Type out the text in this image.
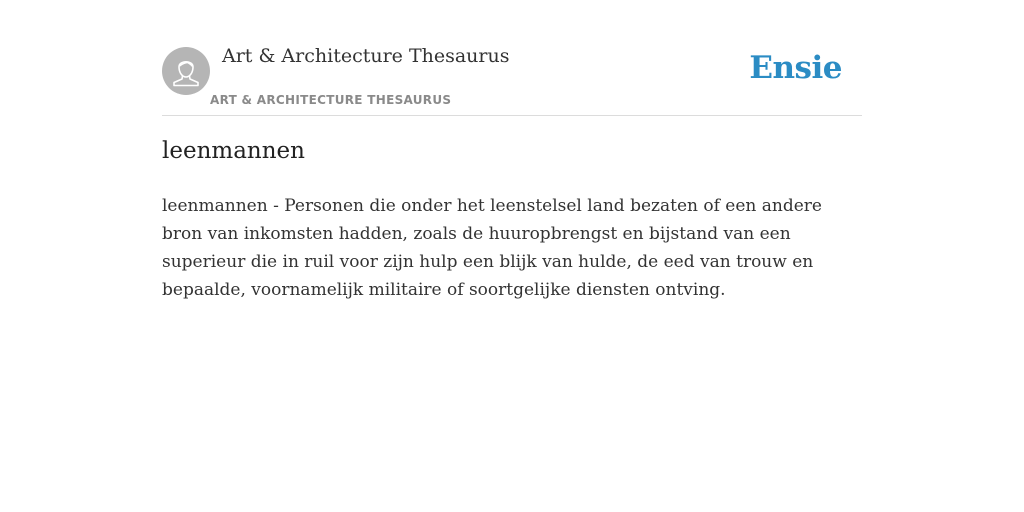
Art & Architecture Thesaurus
ART & ARCHITECTURE THESAURUS
Ensie
leenmannen

leenmannen - Personen die onder het leenstelsel land bezaten of een andere bron van inkomsten hadden, zoals de huuropbrengst en bijstand van een superieur die in ruil voor zijn hulp een blijk van hulde, de eed van trouw en bepaalde, voornamelijk militaire of soortgelijke diensten ontving.
